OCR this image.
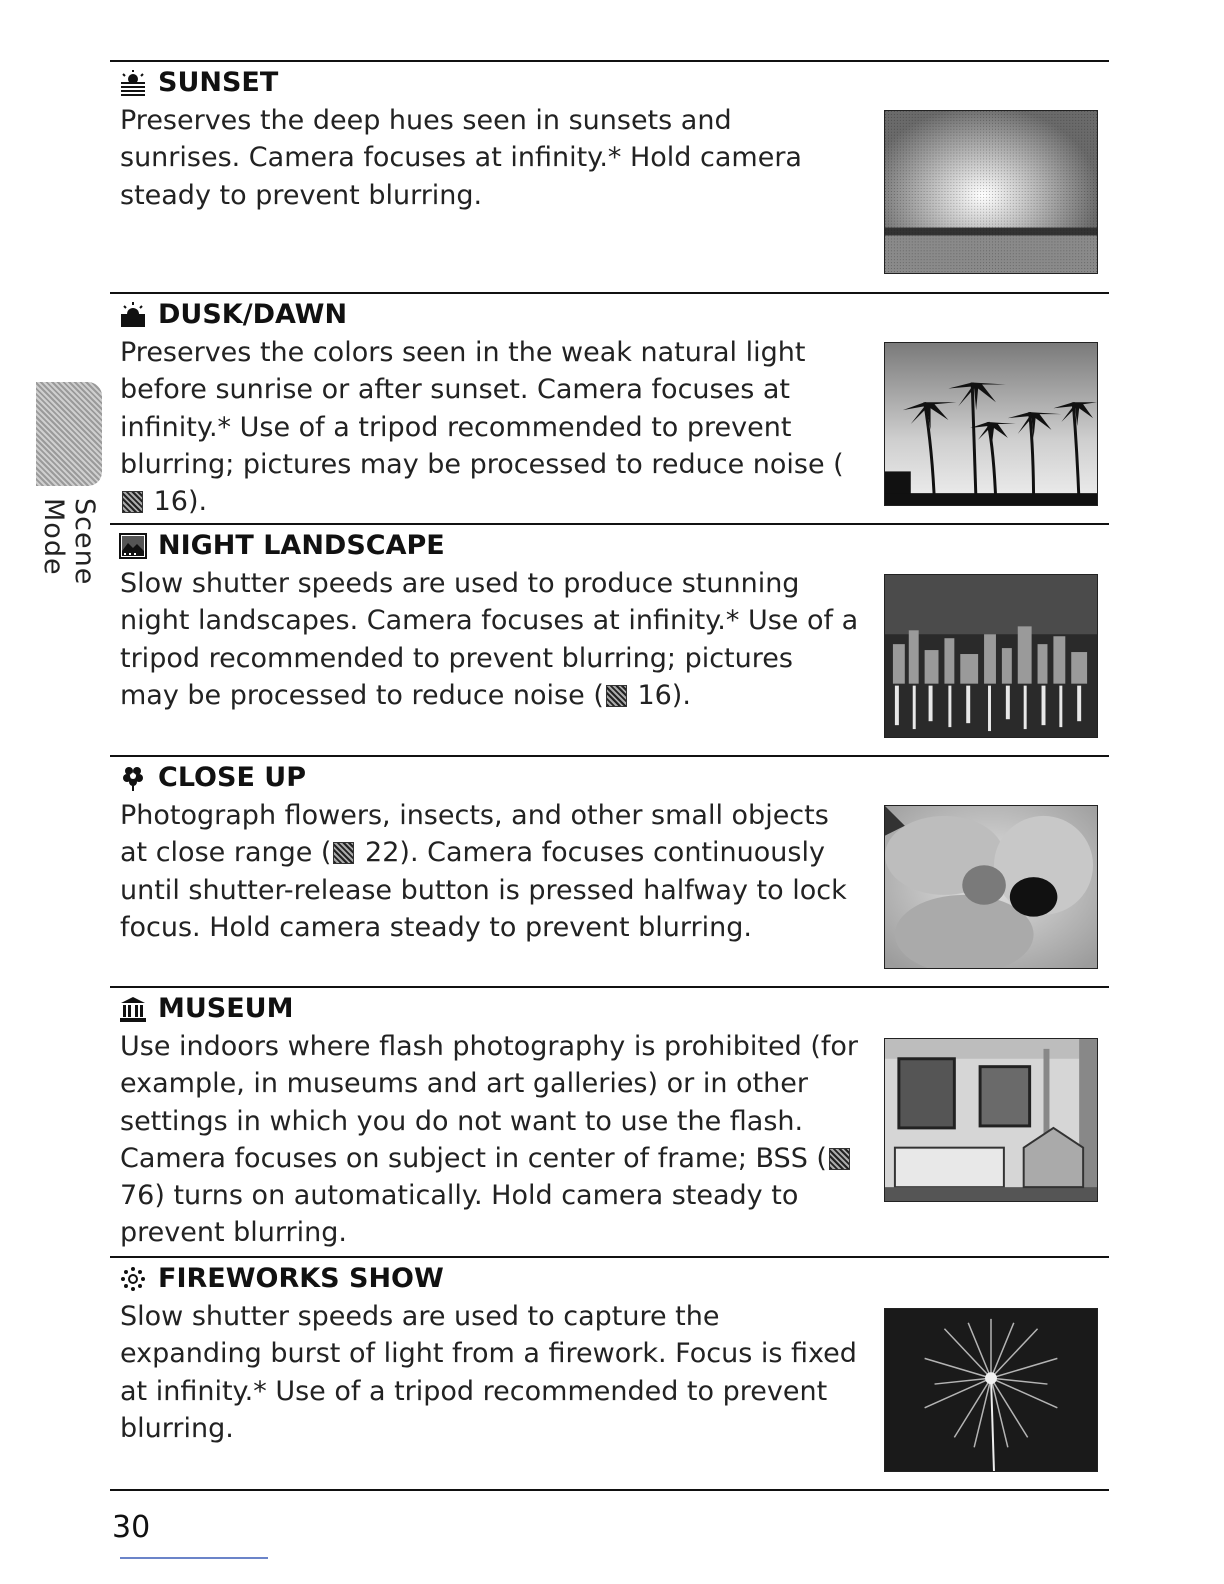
Scene Mode
SUNSET
Preserves the deep hues seen in sunsets and sunrises. Camera focuses at infinity.* Hold camera steady to prevent blurring.
DUSK/DAWN
Preserves the colors seen in the weak natural light before sunrise or after sunset. Camera focuses at infinity.* Use of a tripod recommended to prevent blurring; pictures may be processed to reduce noise ( 16).
NIGHT LANDSCAPE
Slow shutter speeds are used to produce stunning night landscapes. Camera focuses at infinity.* Use of a tripod recommended to prevent blurring; pictures may be processed to reduce noise ( 16).
CLOSE UP
Photograph flowers, insects, and other small objects at close range ( 22). Camera focuses continuously until shutter-release button is pressed halfway to lock focus. Hold camera steady to prevent blurring.
MUSEUM
Use indoors where flash photography is prohibited (for example, in museums and art galleries) or in other settings in which you do not want to use the flash. Camera focuses on subject in center of frame; BSS ( 76) turns on automatically. Hold camera steady to prevent blurring.
FIREWORKS SHOW
Slow shutter speeds are used to capture the expanding burst of light from a firework. Focus is fixed at infinity.* Use of a tripod recommended to prevent blurring.
30
